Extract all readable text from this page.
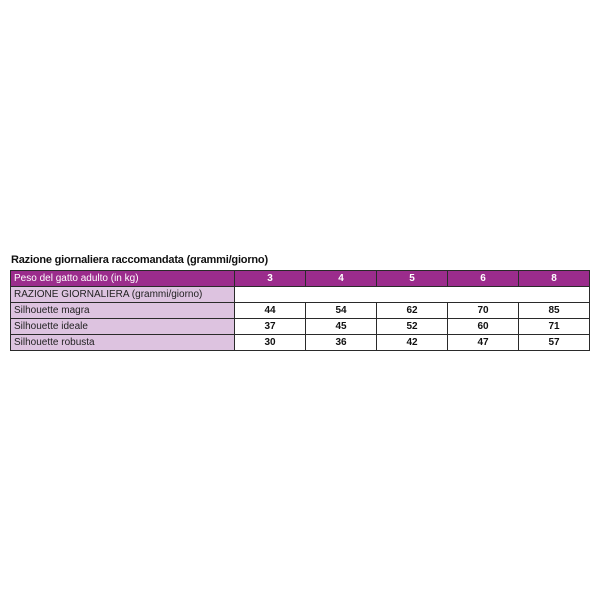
Razione giornaliera raccomandata (grammi/giorno)
Peso del gatto adulto (in kg)	3	4	5	6	8
RAZIONE GIORNALIERA (grammi/giorno)					
Silhouette magra	44	54	62	70	85
Silhouette ideale	37	45	52	60	71
Silhouette robusta	30	36	42	47	57
